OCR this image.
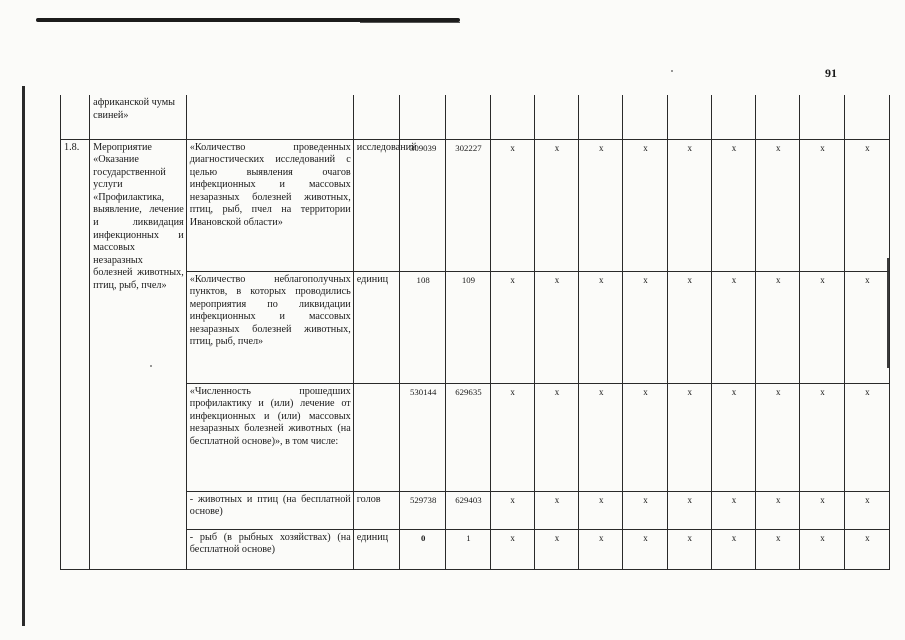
91
	африканской чумы свиней»													
1.8.	Мероприятие «Оказание государственной услуги «Профилактика, выявление, лечение и ликвидация инфекционных и массовых незаразных болезней животных, птиц, рыб, пчел»	«Количество проведенных диагностических исследований с целью выявления очагов инфекционных и массовых незаразных болезней животных, птиц, рыб, пчел на территории Ивановской области»	исследований	309039	302227	х	х	х	х	х	х	х	х	х
		«Количество неблагополучных пунктов, в которых проводились мероприятия по ликвидации инфекционных и массовых незаразных болезней животных, птиц, рыб, пчел»	единиц	108	109	х	х	х	х	х	х	х	х	х
		«Численность прошедших профилактику и (или) лечение от инфекционных и (или) массовых незаразных болезней животных (на бесплатной основе)», в том числе:		530144	629635	х	х	х	х	х	х	х	х	х
		- животных и птиц (на бесплатной основе)	голов	529738	629403	х	х	х	х	х	х	х	х	х
		- рыб (в рыбных хозяйствах) (на бесплатной основе)	единиц	0	1	х	х	х	х	х	х	х	х	х
